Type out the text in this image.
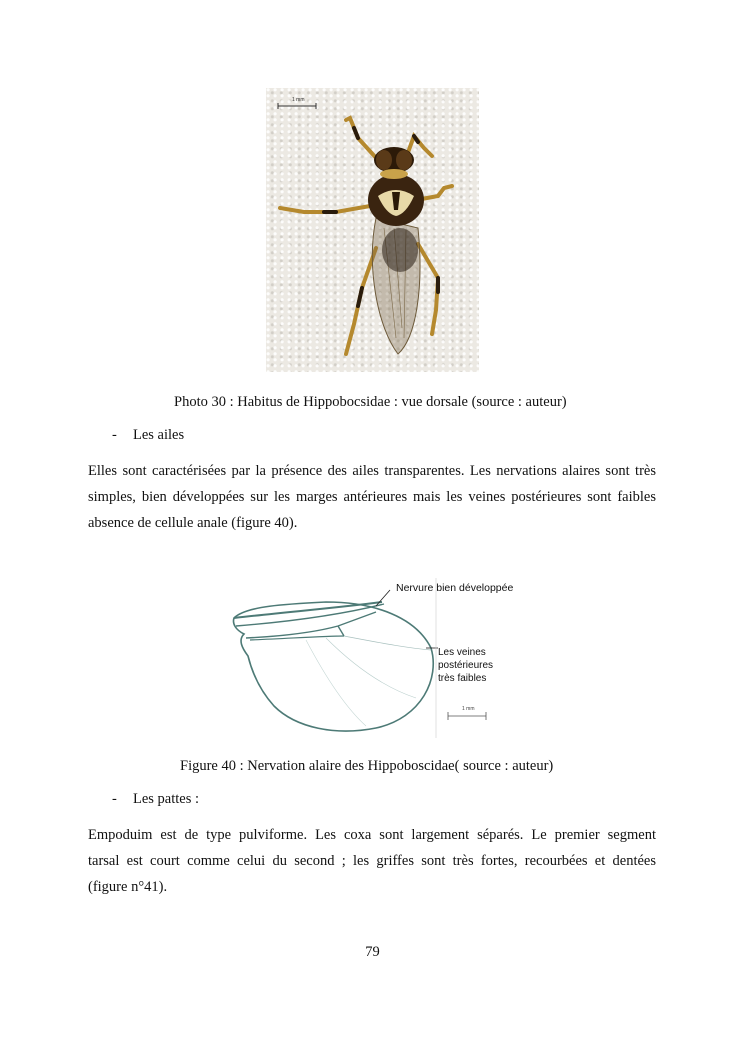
1 mm
Photo 30 : Habitus de Hippobocsidae : vue dorsale (source : auteur)
- Les ailes
Elles sont caractérisées par la présence des ailes transparentes. Les nervations alaires sont très
simples, bien développées sur les marges antérieures mais les veines postérieures sont faibles
absence de cellule anale (figure 40).
Nervure bien développée
Les veines
postérieures
très faibles
1 mm
Figure 40 : Nervation alaire des Hippoboscidae( source : auteur)
- Les pattes :
Empoduim est de type pulviforme. Les coxa sont largement séparés. Le premier segment
tarsal est court comme celui du second ; les griffes sont très fortes, recourbées et dentées
(figure n°41).
79
